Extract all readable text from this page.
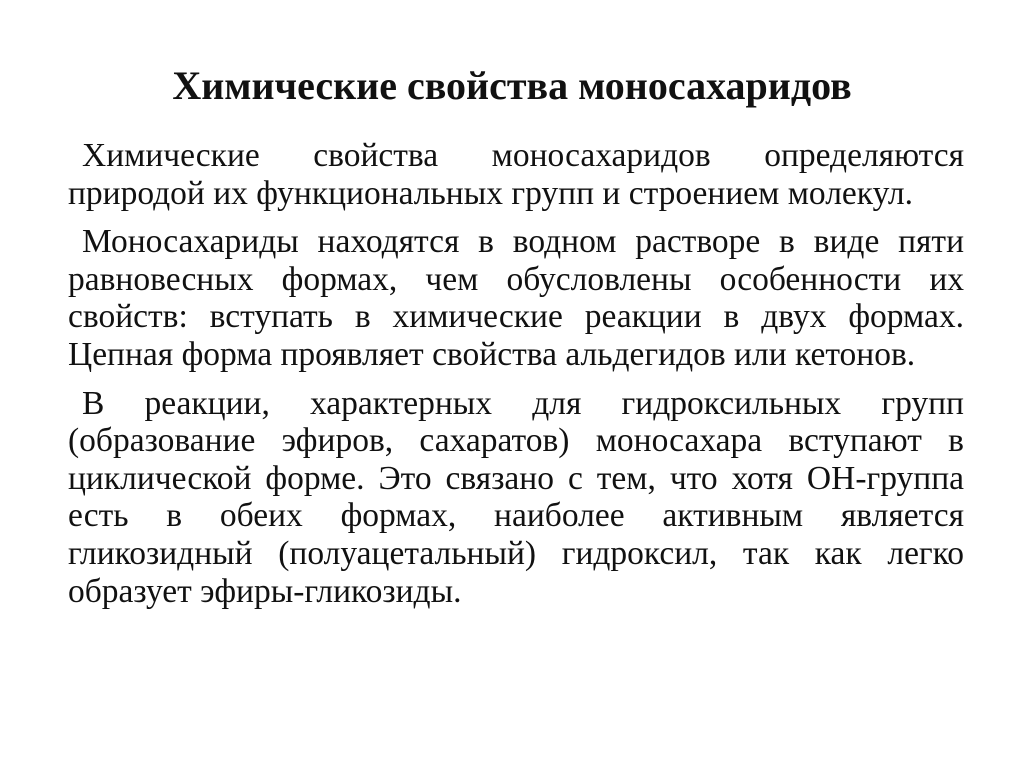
Химические свойства моносахаридов

Химические свойства моносахаридов определяются природой их функциональных групп и строением молекул.

Моносахариды находятся в водном растворе в виде пяти равновесных формах, чем обусловлены особенности их свойств: вступать в химические реакции в двух формах. Цепная форма проявляет свойства альдегидов или кетонов.

В реакции, характерных для гидроксильных групп (образование эфиров, сахаратов) моносахара вступают в циклической форме. Это связано с тем, что хотя ОН-группа есть в обеих формах, наиболее активным является гликозидный (полуацетальный) гидроксил, так как легко образует эфиры-гликозиды.
